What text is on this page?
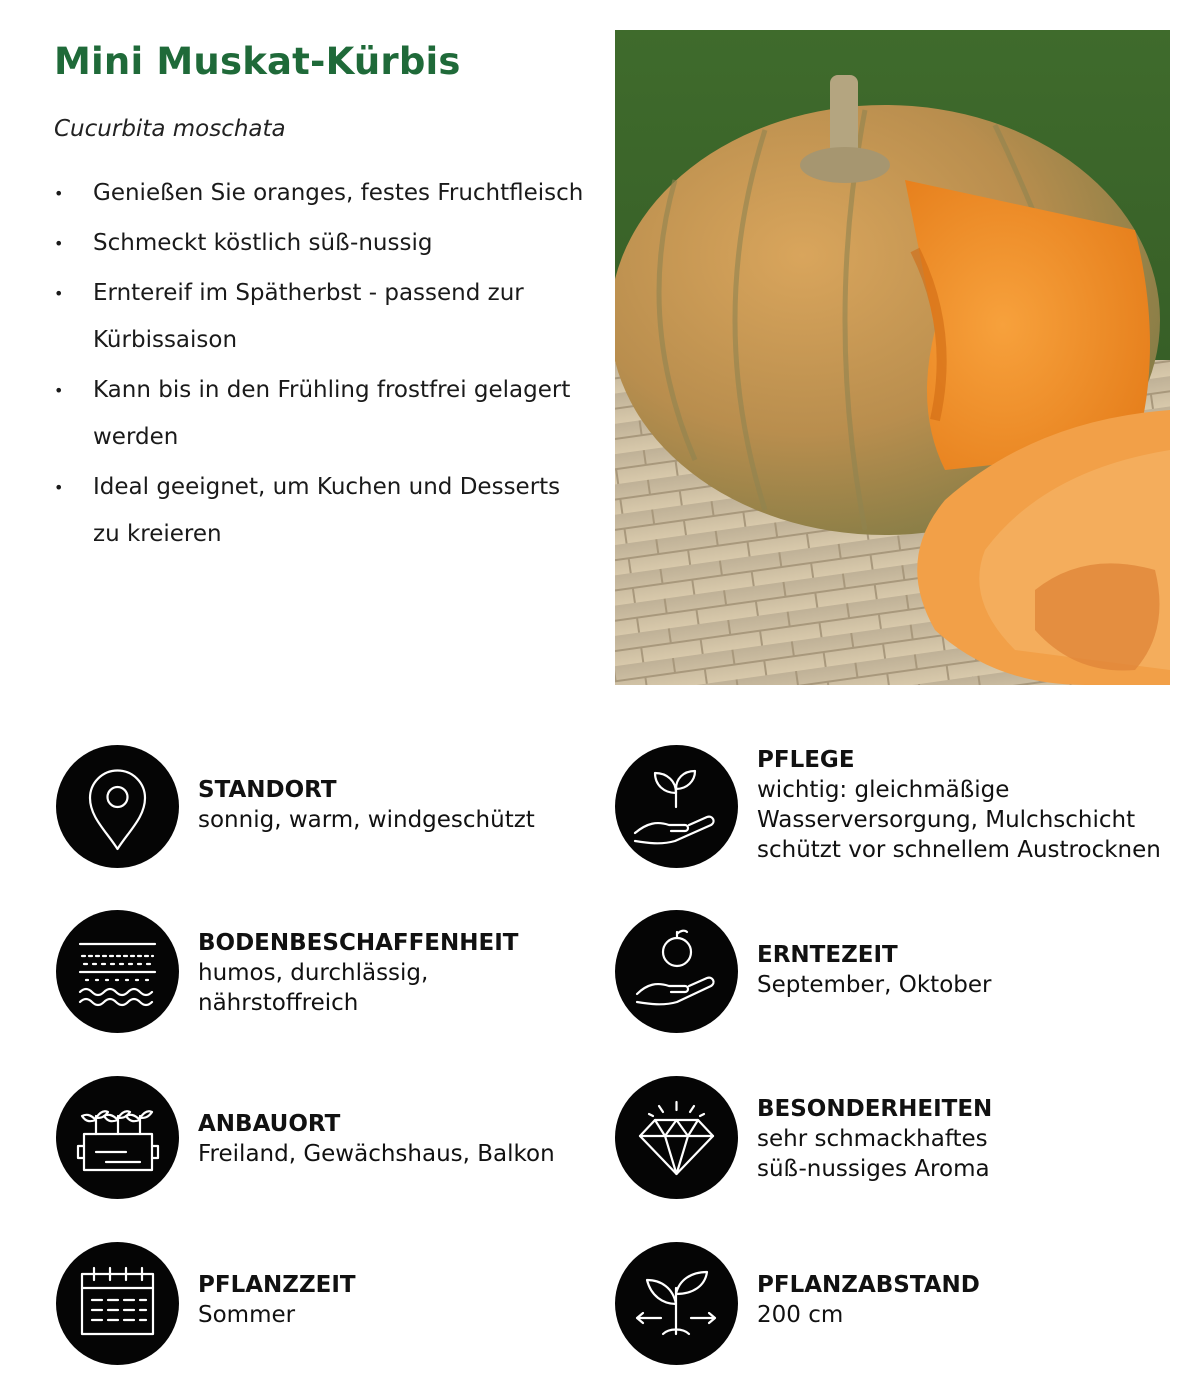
Mini Muskat-Kürbis
Cucurbita moschata
• Genießen Sie oranges, festes Fruchtfleisch
• Schmeckt köstlich süß-nussig
• Erntereif im Spätherbst - passend zur Kürbissaison
• Kann bis in den Frühling frostfrei gelagert werden
• Ideal geeignet, um Kuchen und Desserts zu kreieren
STANDORT
sonnig, warm, windgeschützt
PFLEGE
wichtig: gleichmäßige
Wasserversorgung, Mulchschicht
schützt vor schnellem Austrocknen
BODENBESCHAFFENHEIT
humos, durchlässig,
nährstoffreich
ERNTEZEIT
September, Oktober
ANBAUORT
Freiland, Gewächshaus, Balkon
BESONDERHEITEN
sehr schmackhaftes
süß-nussiges Aroma
PFLANZZEIT
Sommer
PFLANZABSTAND
200 cm
